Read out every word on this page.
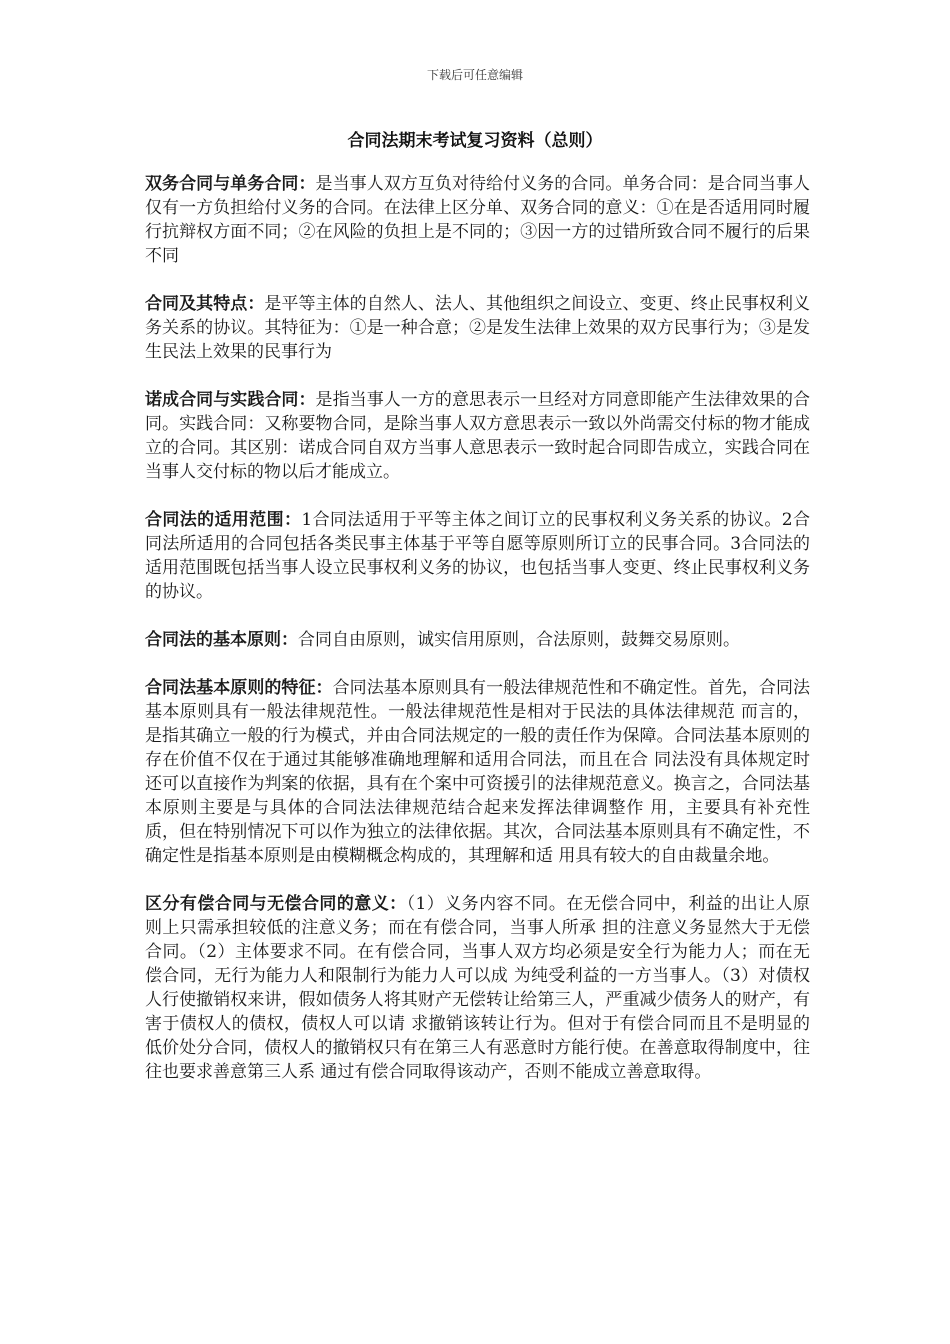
下载后可任意编辑
合同法期末考试复习资料（总则）

双务合同与单务合同：是当事人双方互负对待给付义务的合同。单务合同：是合同当事人仅有一方负担给付义务的合同。在法律上区分单、双务合同的意义：①在是否适用同时履行抗辩权方面不同；②在风险的负担上是不同的；③因一方的过错所致合同不履行的后果不同

合同及其特点：是平等主体的自然人、法人、其他组织之间设立、变更、终止民事权利义务关系的协议。其特征为：①是一种合意；②是发生法律上效果的双方民事行为；③是发生民法上效果的民事行为

诺成合同与实践合同：是指当事人一方的意思表示一旦经对方同意即能产生法律效果的合同。实践合同：又称要物合同，是除当事人双方意思表示一致以外尚需交付标的物才能成立的合同。其区别：诺成合同自双方当事人意思表示一致时起合同即告成立，实践合同在当事人交付标的物以后才能成立。

合同法的适用范围：1合同法适用于平等主体之间订立的民事权利义务关系的协议。2合同法所适用的合同包括各类民事主体基于平等自愿等原则所订立的民事合同。3合同法的适用范围既包括当事人设立民事权利义务的协议，也包括当事人变更、终止民事权利义务的协议。

合同法的基本原则：合同自由原则，诚实信用原则，合法原则，鼓舞交易原则。

合同法基本原则的特征：合同法基本原则具有一般法律规范性和不确定性。首先，合同法基本原则具有一般法律规范性。一般法律规范性是相对于民法的具体法律规范 而言的，是指其确立一般的行为模式，并由合同法规定的一般的责任作为保障。合同法基本原则的存在价值不仅在于通过其能够准确地理解和适用合同法，而且在合 同法没有具体规定时还可以直接作为判案的依据，具有在个案中可资援引的法律规范意义。换言之，合同法基本原则主要是与具体的合同法法律规范结合起来发挥法律调整作 用，主要具有补充性质，但在特别情况下可以作为独立的法律依据。其次，合同法基本原则具有不确定性，不确定性是指基本原则是由模糊概念构成的，其理解和适 用具有较大的自由裁量余地。

区分有偿合同与无偿合同的意义：（1）义务内容不同。在无偿合同中，利益的出让人原则上只需承担较低的注意义务；而在有偿合同，当事人所承 担的注意义务显然大于无偿合同。（2）主体要求不同。在有偿合同，当事人双方均必须是安全行为能力人；而在无偿合同，无行为能力人和限制行为能力人可以成 为纯受利益的一方当事人。（3）对债权人行使撤销权来讲，假如债务人将其财产无偿转让给第三人，严重减少债务人的财产，有害于债权人的债权，债权人可以请 求撤销该转让行为。但对于有偿合同而且不是明显的低价处分合同，债权人的撤销权只有在第三人有恶意时方能行使。在善意取得制度中，往往也要求善意第三人系 通过有偿合同取得该动产，否则不能成立善意取得。
